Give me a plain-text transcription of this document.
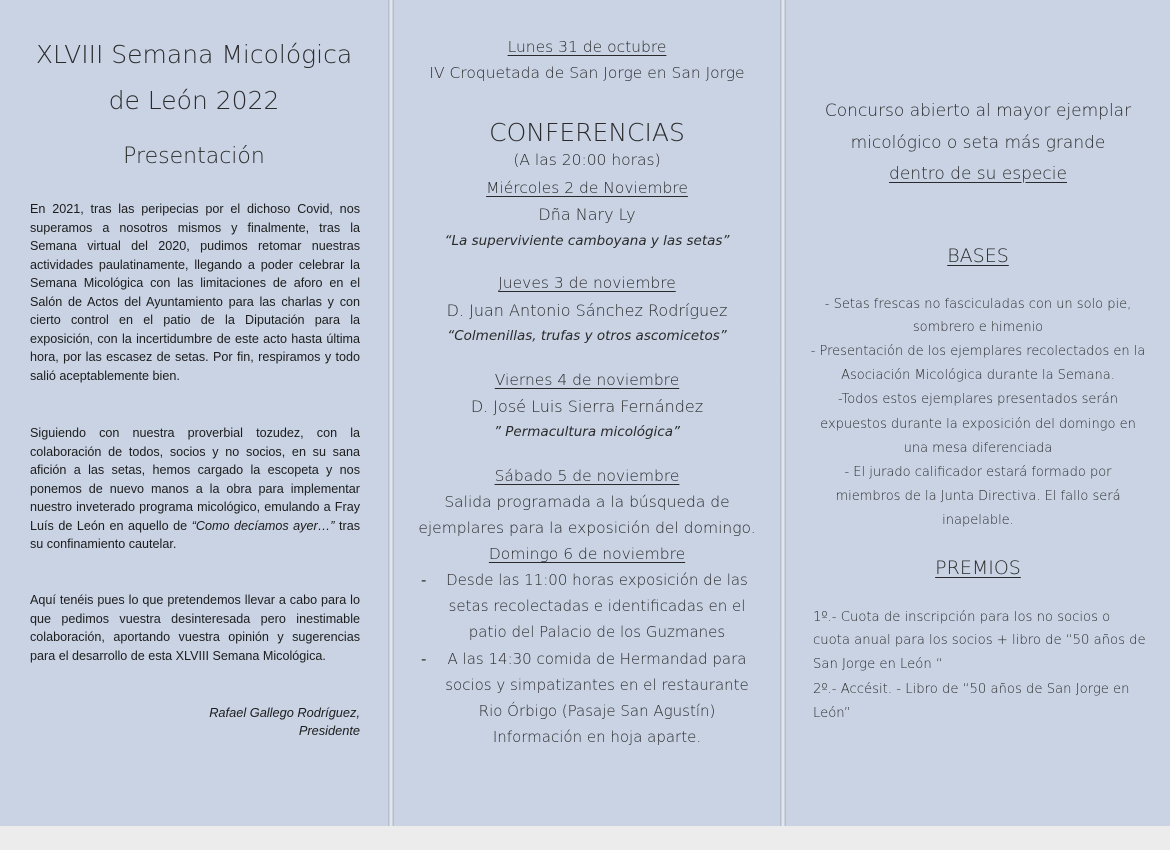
XLVIII Semana Micológica

de León 2022

Presentación

En 2021, tras las peripecias por el dichoso Covid, nos superamos a nosotros mismos y finalmente, tras la Semana virtual del 2020, pudimos retomar nuestras actividades paulatinamente, llegando a poder celebrar la Semana Micológica con las limitaciones de aforo en el Salón de Actos del Ayuntamiento para las charlas y con cierto control en el patio de la Diputación para la exposición, con la incertidumbre de este acto hasta última hora, por las escasez de setas. Por fin, respiramos y todo salió aceptablemente bien.

Siguiendo con nuestra proverbial tozudez, con la colaboración de todos, socios y no socios, en su sana afición a las setas, hemos cargado la escopeta y nos ponemos de nuevo manos a la obra para implementar nuestro inveterado programa micológico, emulando a Fray Luís de León en aquello de “Como decíamos ayer…” tras su confinamiento cautelar.

Aquí tenéis pues lo que pretendemos llevar a cabo para lo que pedimos vuestra desinteresada pero inestimable colaboración, aportando vuestra opinión y sugerencias para el desarrollo de esta XLVIII Semana Micológica.

Rafael Gallego Rodríguez,

Presidente

Lunes 31 de octubre

IV Croquetada de San Jorge en San Jorge

CONFERENCIAS

(A las 20:00 horas)

Miércoles 2 de Noviembre

Dña Nary Ly

“La superviviente camboyana y las setas”

Jueves 3 de noviembre

D. Juan Antonio Sánchez Rodríguez

“Colmenillas, trufas y otros ascomicetos”

Viernes 4 de noviembre

D. José Luis Sierra Fernández

” Permacultura micológica”

Sábado 5 de noviembre

Salida programada a la búsqueda de

ejemplares para la exposición del domingo.

Domingo 6 de noviembre

-	Desde las 11:00 horas exposición de las

setas recolectadas e identificadas en el

patio del Palacio de los Guzmanes

-	A las 14:30 comida de Hermandad para

socios y simpatizantes en el restaurante

Rio Órbigo (Pasaje San Agustín)

Información en hoja aparte.

Concurso abierto al mayor ejemplar

micológico o seta más grande

dentro de su especie

BASES

- Setas frescas no fasciculadas con un solo pie,

sombrero e himenio

- Presentación de los ejemplares recolectados en la

Asociación Micológica durante la Semana.

-Todos estos ejemplares presentados serán

expuestos durante la exposición del domingo en

una mesa diferenciada

- El jurado calificador estará formado por

miembros de la Junta Directiva. El fallo será

inapelable.

PREMIOS

1º.- Cuota de inscripción para los no socios o

cuota anual para los socios + libro de “50 años de

San Jorge en León “

2º.- Accésit. - Libro de “50 años de San Jorge en

León”
